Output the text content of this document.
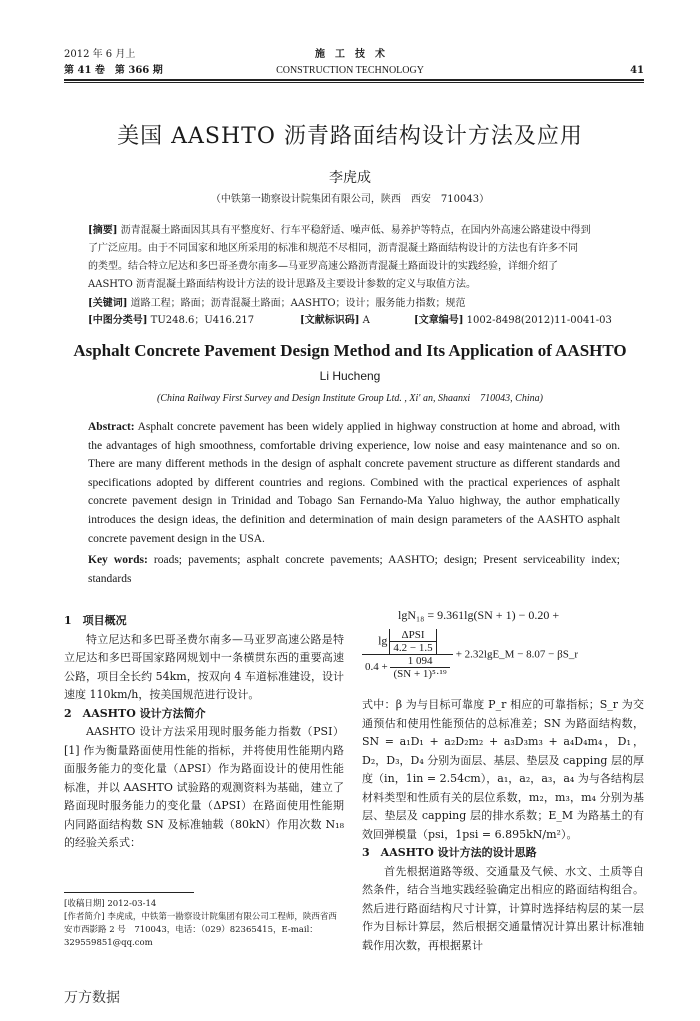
2012 年 6 月上
第 41 卷　第 366 期
施　工　技　术
CONSTRUCTION TECHNOLOGY	41
美国 AASHTO 沥青路面结构设计方法及应用
李虎成
（中铁第一勘察设计院集团有限公司，陕西　西安　710043）
[摘要] 沥青混凝土路面因其具有平整度好、行车平稳舒适、噪声低、易养护等特点，在国内外高速公路建设中得到
了广泛应用。由于不同国家和地区所采用的标准和规范不尽相同，沥青混凝土路面结构设计的方法也有许多不同
的类型。结合特立尼达和多巴哥圣费尔南多—马亚罗高速公路沥青混凝土路面设计的实践经验，详细介绍了
AASHTO 沥青混凝土路面结构设计方法的设计思路及主要设计参数的定义与取值方法。
[关键词] 道路工程；路面；沥青混凝土路面；AASHTO；设计；服务能力指数；规范
[中图分类号] TU248.6；U416.217	[文献标识码] A	[文章编号] 1002-8498(2012)11-0041-03
Asphalt Concrete Pavement Design Method and Its Application of AASHTO
Li Hucheng
(China Railway First Survey and Design Institute Group Ltd. , Xi' an, Shaanxi　710043, China)
Abstract: Asphalt concrete pavement has been widely applied in highway construction at home and abroad, with the advantages of high smoothness, comfortable driving experience, low noise and easy maintenance and so on. There are many different methods in the design of asphalt concrete pavement structure as different standards and specifications adopted by different countries and regions. Combined with the practical experiences of asphalt concrete pavement design in Trinidad and Tobago San Fernando-Ma Yaluo highway, the author emphatically introduces the design ideas, the definition and determination of main design parameters of the AASHTO asphalt concrete pavement design in the USA.
Key words: roads; pavements; asphalt concrete pavements; AASHTO; design; Present serviceability index; standards
1　项目概况

特立尼达和多巴哥圣费尔南多—马亚罗高速公路是特立尼达和多巴哥国家路网规划中一条横贯东西的重要高速公路，项目全长约 54km，按双向 4 车道标准建设，设计速度 110km/h，按美国规范进行设计。

2　AASHTO 设计方法简介

AASHTO 设计方法采用现时服务能力指数（PSI）[1] 作为衡量路面使用性能的指标，并将使用性能期内路面服务能力的变化量（ΔPSI）作为路面设计的使用性能标准，并以 AASHTO 试验路的观测资料为基础，建立了路面现时服务能力的变化量（ΔPSI）在路面使用性能期内同路面结构数 SN 及标准轴载（80kN）作用次数 N₁₈ 的经验关系式：

[收稿日期] 2012-03-14
[作者简介] 李虎成，中铁第一勘察设计院集团有限公司工程师，陕西省西安市西影路 2 号　710043，电话：（029）82365415，E-mail：329559851@qq.com
lgN₁₈ = 9.361lg(SN + 1) − 0.20 +
$\frac{\lg \frac{\text{ΔPSI}}{4.2 - 1.5}}{0.4 + \frac{1 094}{\text{(SN + 1)⁵·¹⁹}}}$ + 2.32lgE_M − 8.07 − βS_r

式中：β 为与目标可靠度 P_r 相应的可靠指标；S_r 为交通预估和使用性能预估的总标准差；SN 为路面结构数，SN = a₁D₁ + a₂D₂m₂ + a₃D₃m₃ + a₄D₄m₄，D₁，D₂，D₃，D₄ 分别为面层、基层、垫层及 capping 层的厚度（in，1in = 2.54cm），a₁，a₂，a₃，a₄ 为与各结构层材料类型和性质有关的层位系数，m₂，m₃，m₄ 分别为基层、垫层及 capping 层的排水系数；E_M 为路基土的有效回弹模量（psi，1psi = 6.895kN/m²）。

3　AASHTO 设计方法的设计思路

首先根据道路等级、交通量及气候、水文、土质等自然条件，结合当地实践经验确定出相应的路面结构组合。然后进行路面结构尺寸计算，计算时选择结构层的某一层作为目标计算层，然后根据交通量情况计算出累计标准轴载作用次数，再根据累计

万方数据
